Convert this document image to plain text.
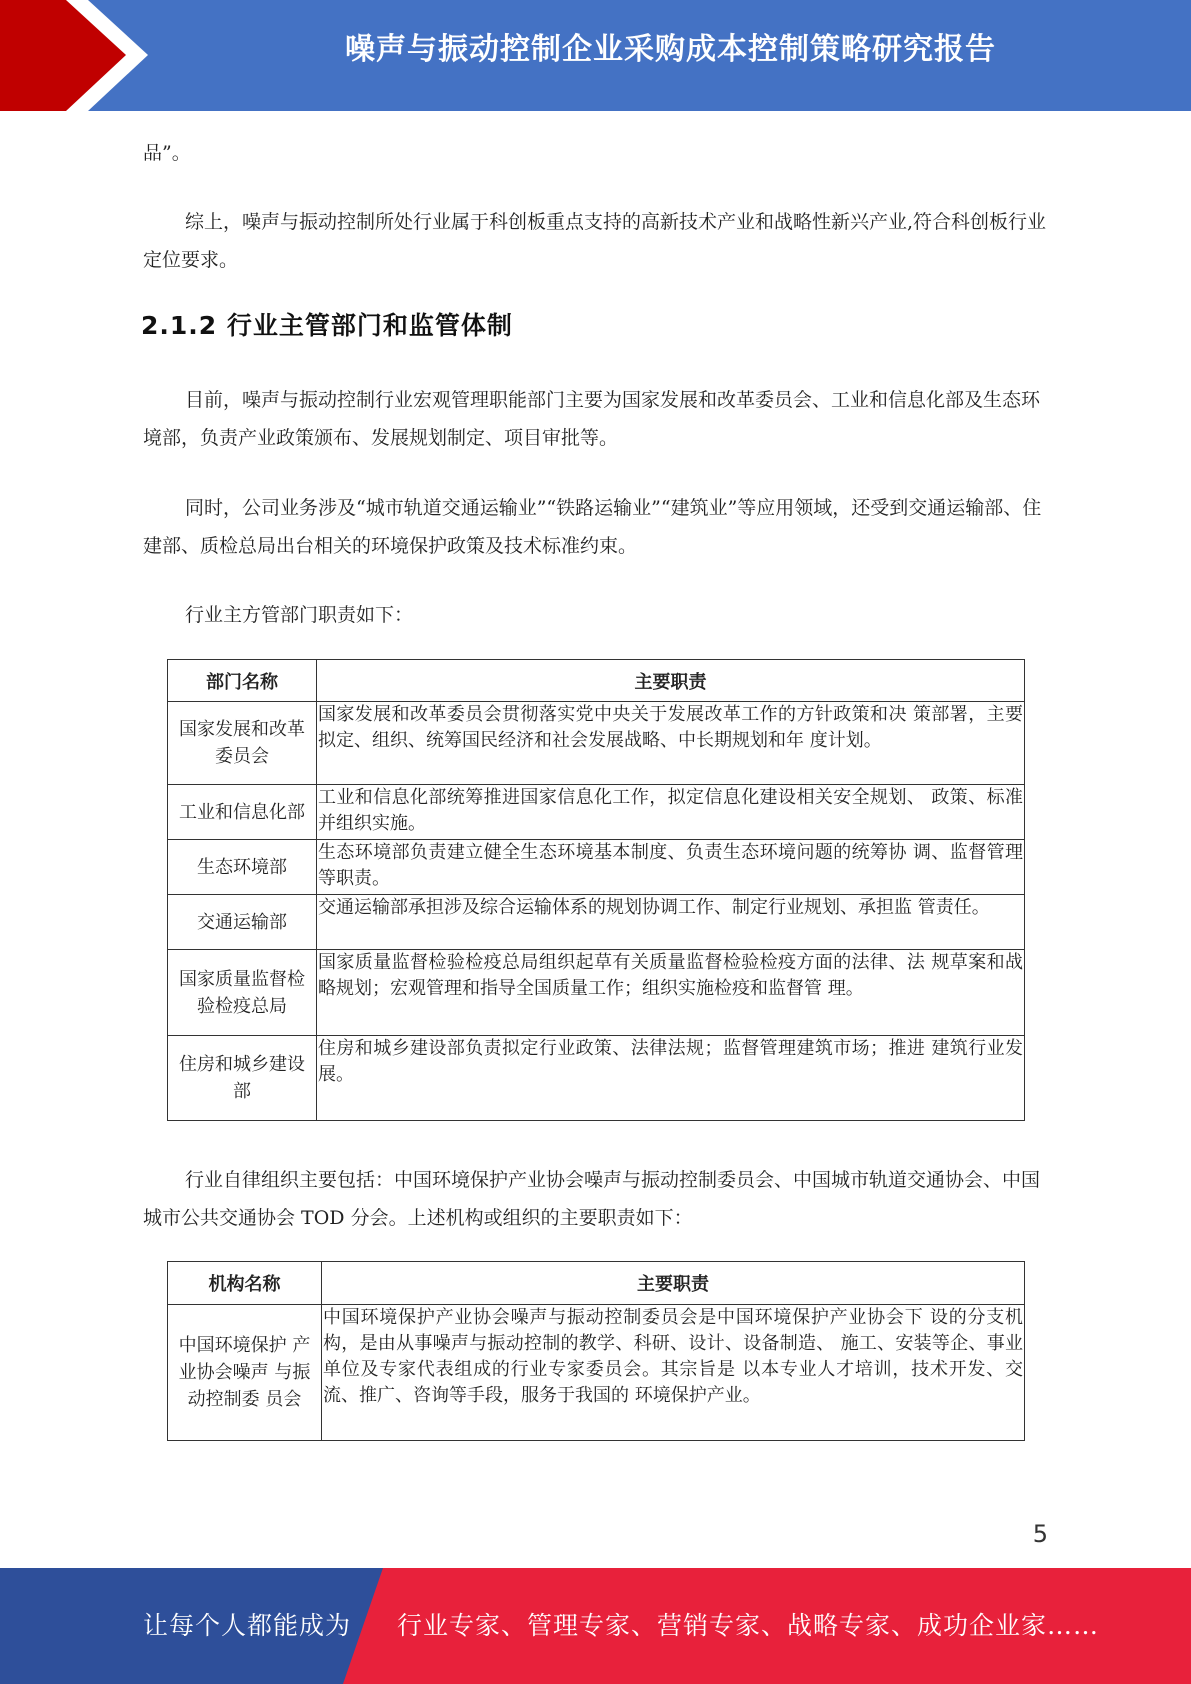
噪声与振动控制企业采购成本控制策略研究报告

品”。

综上，噪声与振动控制所处行业属于科创板重点支持的高新技术产业和战略性新兴产业,符合科创板行业定位要求。

2.1.2 行业主管部门和监管体制

目前，噪声与振动控制行业宏观管理职能部门主要为国家发展和改革委员会、工业和信息化部及生态环境部，负责产业政策颁布、发展规划制定、项目审批等。

同时，公司业务涉及“城市轨道交通运输业”“铁路运输业”“建筑业”等应用领域，还受到交通运输部、住建部、质检总局出台相关的环境保护政策及技术标准约束。

行业主方管部门职责如下：

部门名称	主要职责
国家发展和改革委员会	国家发展和改革委员会贯彻落实党中央关于发展改革工作的方针政策和决 策部署，主要拟定、组织、统筹国民经济和社会发展战略、中长期规划和年 度计划。
工业和信息化部	工业和信息化部统筹推进国家信息化工作，拟定信息化建设相关安全规划、 政策、标准并组织实施。
生态环境部	生态环境部负责建立健全生态环境基本制度、负责生态环境问题的统筹协 调、监督管理等职责。
交通运输部	交通运输部承担涉及综合运输体系的规划协调工作、制定行业规划、承担监 管责任。
国家质量监督检验检疫总局	国家质量监督检验检疫总局组织起草有关质量监督检验检疫方面的法律、法 规草案和战略规划；宏观管理和指导全国质量工作；组织实施检疫和监督管 理。
住房和城乡建设部	住房和城乡建设部负责拟定行业政策、法律法规；监督管理建筑市场；推进 建筑行业发展。

行业自律组织主要包括：中国环境保护产业协会噪声与振动控制委员会、中国城市轨道交通协会、中国城市公共交通协会 TOD 分会。上述机构或组织的主要职责如下：

机构名称	主要职责
中国环境保护 产业协会噪声 与振动控制委 员会	中国环境保护产业协会噪声与振动控制委员会是中国环境保护产业协会下 设的分支机构，是由从事噪声与振动控制的教学、科研、设计、设备制造、 施工、安装等企、事业单位及专家代表组成的行业专家委员会。其宗旨是 以本专业人才培训，技术开发、交流、推广、咨询等手段，服务于我国的 环境保护产业。
5
让每个人都能成为 行业专家、管理专家、营销专家、战略专家、成功企业家……
